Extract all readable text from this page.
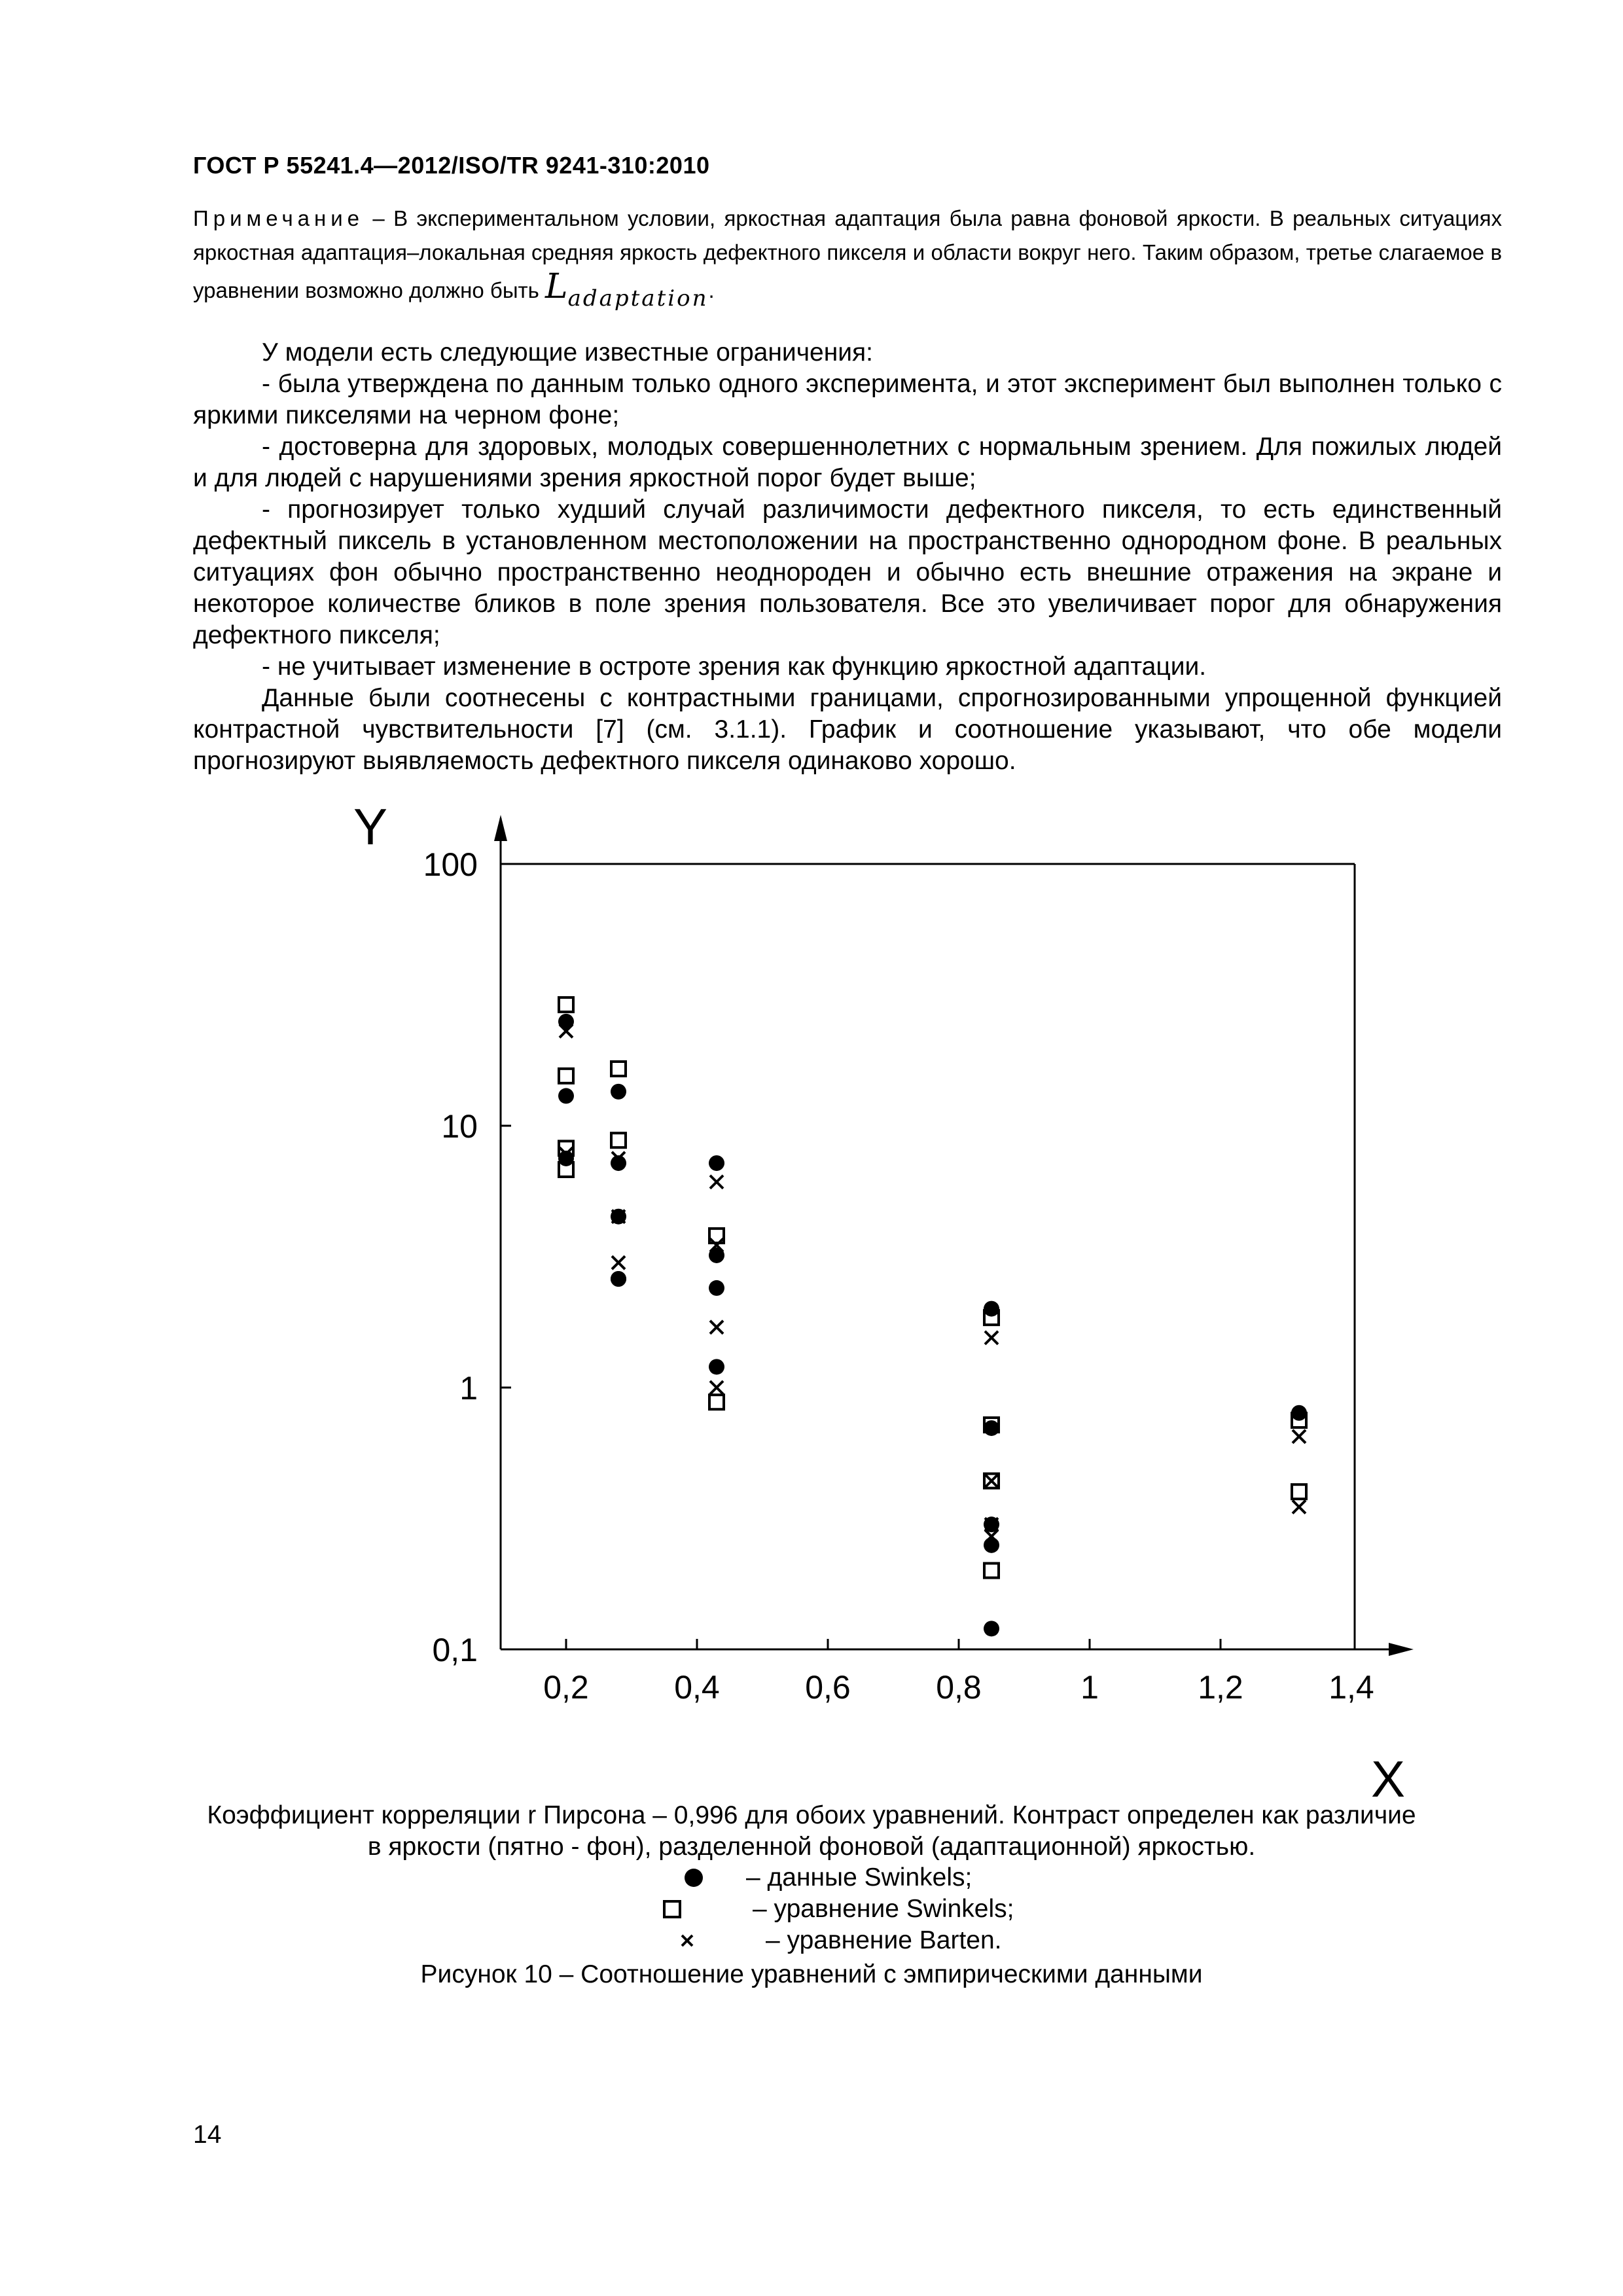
ГОСТ Р 55241.4—2012/ISO/TR 9241-310:2010
Примечание – В экспериментальном условии, яркостная адаптация была равна фоновой яркости. В реальных ситуациях яркостная адаптация–локальная средняя яркость дефектного пикселя и области вокруг него. Таким образом, третье слагаемое в уравнении возможно должно быть $L_{adaptation}$.

У модели есть следующие известные ограничения:

- была утверждена по данным только одного эксперимента, и этот эксперимент был выполнен только с яркими пикселями на черном фоне;

- достоверна для здоровых, молодых совершеннолетних с нормальным зрением. Для пожилых людей и для людей с нарушениями зрения яркостной порог будет выше;

- прогнозирует только худший случай различимости дефектного пикселя, то есть единственный дефектный пиксель в установленном местоположении на пространственно однородном фоне. В реальных ситуациях фон обычно пространственно неоднороден и обычно есть внешние отражения на экране и некоторое количестве бликов в поле зрения пользователя. Все это увеличивает порог для обнаружения дефектного пикселя;

- не учитывает изменение в остроте зрения как функцию яркостной адаптации.

Данные были соотнесены с контрастными границами, спрогнозированными упрощенной функцией контрастной чувствительности [7] (см. 3.1.1). График и соотношение указывают, что обе модели прогнозируют выявляемость дефектного пикселя одинаково хорошо.

0,2	0,4	0,6	0,8	1	1,2	1,4
0,1
1
10
100
Y
X

Коэффициент корреляции r Пирсона – 0,996 для обоих уравнений. Контраст определен как различие

в яркости (пятно - фон), разделенной фоновой (адаптационной) яркостью.

– данные Swinkels;
– уравнение Swinkels;
– уравнение Barten.
Рисунок 10 – Соотношение уравнений с эмпирическими данными
14
